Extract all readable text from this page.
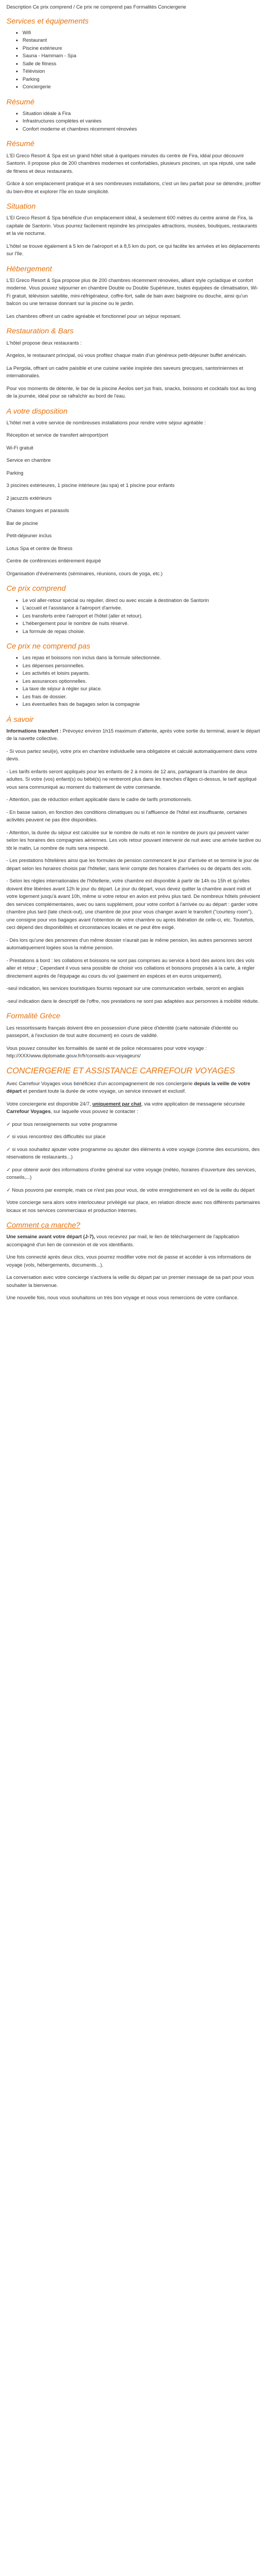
Description Ce prix comprend / Ce prix ne comprend pas Formalités Conciergerie

Services et équipements
• Wifi
• Restaurant
• Piscine extérieure
• Sauna - Hammam - Spa
• Salle de fitness
• Télévision
• Parking
• Conciergerie
Résumé
• Situation idéale à Fira
• Infrastructures complètes et variées
• Confort moderne et chambres récemment rénovées
Résumé

L'El Greco Resort & Spa est un grand hôtel situé à quelques minutes du centre de Fira, idéal pour découvrir Santorin. Il propose plus de 200 chambres modernes et confortables, plusieurs piscines, un spa réputé, une salle de fitness et deux restaurants.

Grâce à son emplacement pratique et à ses nombreuses installations, c'est un lieu parfait pour se détendre, profiter du bien-être et explorer l'île en toute simplicité.

Situation

L'El Greco Resort & Spa bénéficie d'un emplacement idéal, à seulement 600 mètres du centre animé de Fira, la capitale de Santorin. Vous pourrez facilement rejoindre les principales attractions, musées, boutiques, restaurants et la vie nocturne.

L'hôtel se trouve également à 5 km de l'aéroport et à 8,5 km du port, ce qui facilite les arrivées et les déplacements sur l'île.

Hébergement

L'El Greco Resort & Spa propose plus de 200 chambres récemment rénovées, alliant style cycladique et confort moderne. Vous pouvez séjourner en chambre Double ou Double Supérieure, toutes équipées de climatisation, Wi-Fi gratuit, télévision satellite, mini-réfrigérateur, coffre-fort, salle de bain avec baignoire ou douche, ainsi qu'un balcon ou une terrasse donnant sur la piscine ou le jardin.

Les chambres offrent un cadre agréable et fonctionnel pour un séjour reposant.

Restauration & Bars

L'hôtel propose deux restaurants :

Angelos, le restaurant principal, où vous profitez chaque matin d'un généreux petit-déjeuner buffet américain.

La Pergola, offrant un cadre paisible et une cuisine variée inspirée des saveurs grecques, santoriniennes et internationales.

Pour vos moments de détente, le bar de la piscine Aeolos sert jus frais, snacks, boissons et cocktails tout au long de la journée, idéal pour se rafraîchir au bord de l'eau.

A votre disposition

L'hôtel met à votre service de nombreuses installations pour rendre votre séjour agréable :

Réception et service de transfert aéroport/port

Wi-Fi gratuit

Service en chambre

Parking

3 piscines extérieures, 1 piscine intérieure (au spa) et 1 piscine pour enfants

2 jacuzzis extérieurs

Chaises longues et parasols

Bar de piscine

Petit-déjeuner inclus

Lotus Spa et centre de fitness

Centre de conférences entièrement équipé

Organisation d'événements (séminaires, réunions, cours de yoga, etc.)

Ce prix comprend
• Le vol aller-retour spécial ou régulier, direct ou avec escale à destination de Santorin
• L'accueil et l'assistance à l'aéroport d'arrivée.
• Les transferts entre l'aéroport et l'hôtel (aller et retour).
• L'hébergement pour le nombre de nuits réservé.
• La formule de repas choisie.
Ce prix ne comprend pas
• Les repas et boissons non inclus dans la formule sélectionnée.
• Les dépenses personnelles.
• Les activités et loisirs payants.
• Les assurances optionnelles.
• La taxe de séjour à régler sur place.
• Les frais de dossier.
• Les éventuelles frais de bagages selon la compagnie
À savoir

Informations transfert : Prévoyez environ 1h15 maximum d'attente, après votre sortie du terminal, avant le départ de la navette collective.

- Si vous partez seul(e), votre prix en chambre individuelle sera obligatoire et calculé automatiquement dans votre devis.

- Les tarifs enfants seront appliqués pour les enfants de 2 à moins de 12 ans, partageant la chambre de deux adultes. Si votre (vos) enfant(s) ou bébé(s) ne rentreront plus dans les tranches d'âges ci-dessus, le tarif appliqué vous sera communiqué au moment du traitement de votre commande.

- Attention, pas de réduction enfant applicable dans le cadre de tarifs promotionnels.

- En basse saison, en fonction des conditions climatiques ou si l'affluence de l'hôtel est insuffisante, certaines activités peuvent ne pas être disponibles.

- Attention, la durée du séjour est calculée sur le nombre de nuits et non le nombre de jours qui peuvent varier selon les horaires des compagnies aériennes. Les vols retour pouvant intervenir de nuit avec une arrivée tardive ou tôt le matin, Le nombre de nuits sera respecté.

- Les prestations hôtelières ainsi que les formules de pension commencent le jour d'arrivée et se termine le jour de départ selon les horaires choisis par l'hôtelier, sans lenir compte des horaires d'arrivées ou de départs des vols.

- Selon les règles internationales de l'hôtellerie, votre chambre est disponible à partir de 14h ou 15h et qu'elles doivent être libérées avant 12h le jour du départ. Le jour du départ, vous devez quitter la chambre avant midi et votre logement jusqu'à avant 10h, même si votre retour en avion est prévu plus tard. De nombreux hôtels prévoient des services complémentaires, avec ou sans supplément, pour votre confort à l'arrivée ou au départ : garder votre chambre plus tard (late check-out), une chambre de jour pour vous changer avant le transfert ("courtesy room"), une consigne pour vos bagages avant l'obtention de votre chambre ou après libération de celle-ci, etc. Toutefois, ceci dépend des disponibilités et circonstances locales et ne peut être exigé.

- Dès lors qu'une des personnes d'un même dossier n'aurait pas le même pension, les autres personnes seront automatiquement logées sous la même pension.

- Prestations à bord : les collations et boissons ne sont pas comprises au service à bord des avions lors des vols aller et retour ; Cependant il vous sera possible de choisir vos collations et boissons proposés à la carte, à régler directement auprès de l'équipage au cours du vol (paiement en espèces et en euros uniquement).

-seul indication, les services touristiques fournis reposant sur une communication verbale, seront en anglais

-seul indication dans le descriptif de l'offre, nos prestations ne sont pas adaptées aux personnes à mobilité réduite.

Formalité Grèce

Les ressortissants français doivent être en possession d'une pièce d'identité (carte nationale d'identité ou passeport, à l'exclusion de tout autre document) en cours de validité.

Vous pouvez consulter les formalités de santé et de police nécessaires pour votre voyage : http://XXX/www.diplomatie.gouv.fr/fr/conseils-aux-voyageurs/

CONCIERGERIE ET ASSISTANCE CARREFOUR VOYAGES

Avec Carrefour Voyages vous bénéficiez d'un accompagnement de nos conciergerie depuis la veille de votre départ et pendant toute la durée de votre voyage, un service innovant et exclusif.

Votre conciergerie est disponible 24/7, uniquement par chat, via votre application de messagerie sécurisée Carrefour Voyages, sur laquelle vous pouvez le contacter :

✓ pour tous renseignements sur votre programme

✓ si vous rencontrez des difficultés sur place

✓ si vous souhaitez ajouter votre programme ou ajouter des éléments à votre voyage (comme des excursions, des réservations de restaurants...)

✓ pour obtenir avoir des informations d'ordre général sur votre voyage (météo, horaires d'ouverture des services, conseils,...)

✓ Nous pouvons par exemple, mais ce n'est pas pour vous, de votre enregistrement en vol de la veille du départ

Votre concierge sera alors votre interlocuteur privilégié sur place, en relation directe avec nos différents partenaires locaux et nos services commerciaux et production internes.

Comment ça marche?

Une semaine avant votre départ (J-7), vous recevrez par mail, le lien de téléchargement de l'application accompagné d'un lien de connexion et de vos identifiants.

Une fois connecté après deux clics, vous pourrez modifier votre mot de passe et accéder à vos informations de voyage (vols, hébergements, documents...).

La conversation avec votre concierge s'activera la veille du départ par un premier message de sa part pour vous souhaiter la bienvenue.

Une nouvelle fois, nous vous souhaitons un très bon voyage et nous vous remercions de votre confiance.
